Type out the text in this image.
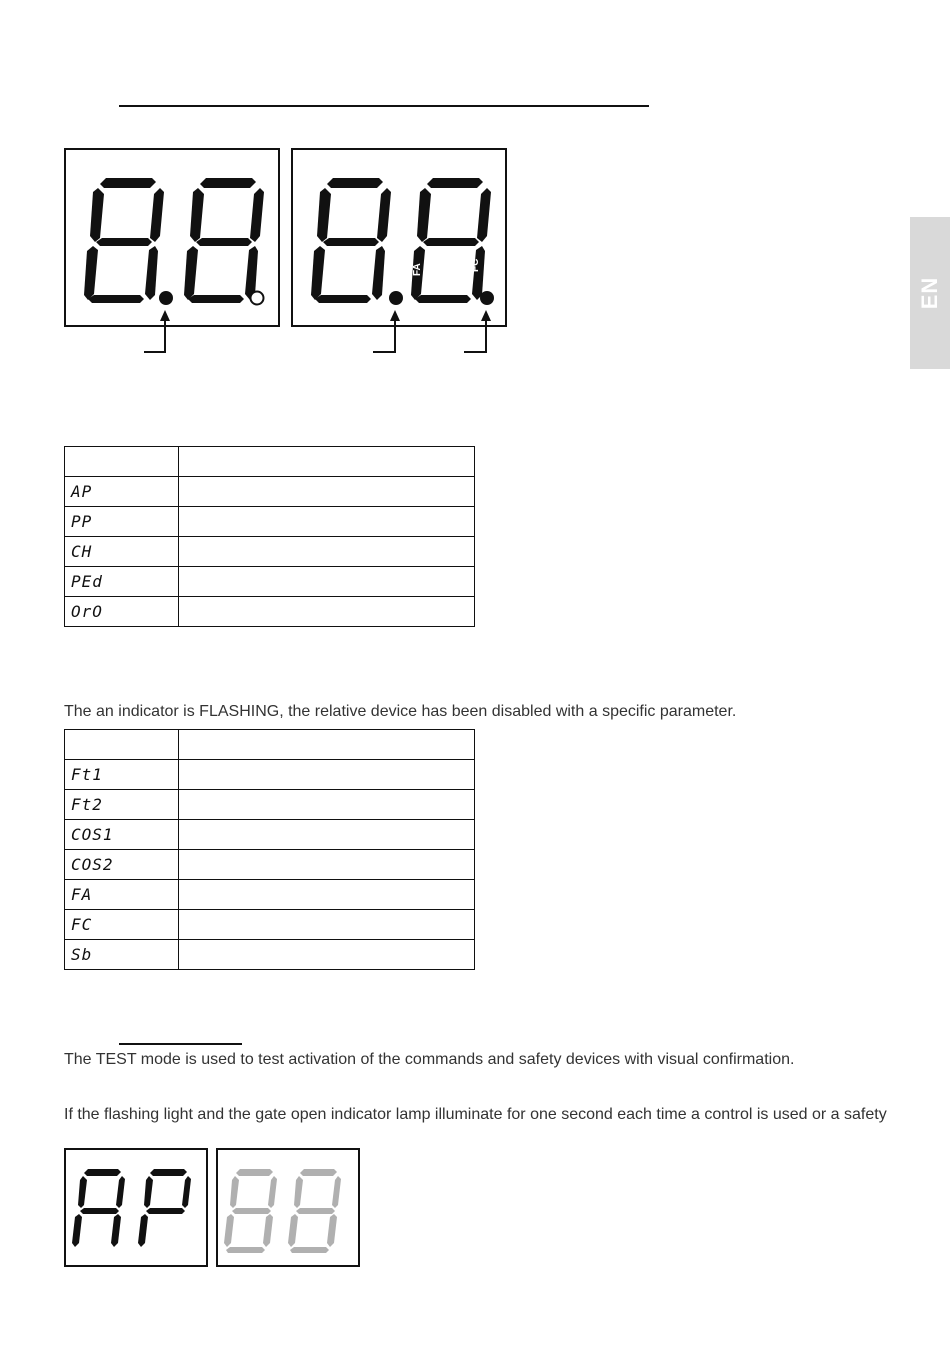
EN
FA	FC

AP	
PP	
CH	
PEd	
OrO	
The an indicator is FLASHING, the relative device has been disabled with a specific parameter.

Ft1	
Ft2	
COS1	
COS2	
FA	
FC	
Sb	
The TEST mode is used to test activation of the commands and safety devices with visual confirmation.
If the flashing light and the gate open indicator lamp illuminate for one second each time a control is used or a safety
